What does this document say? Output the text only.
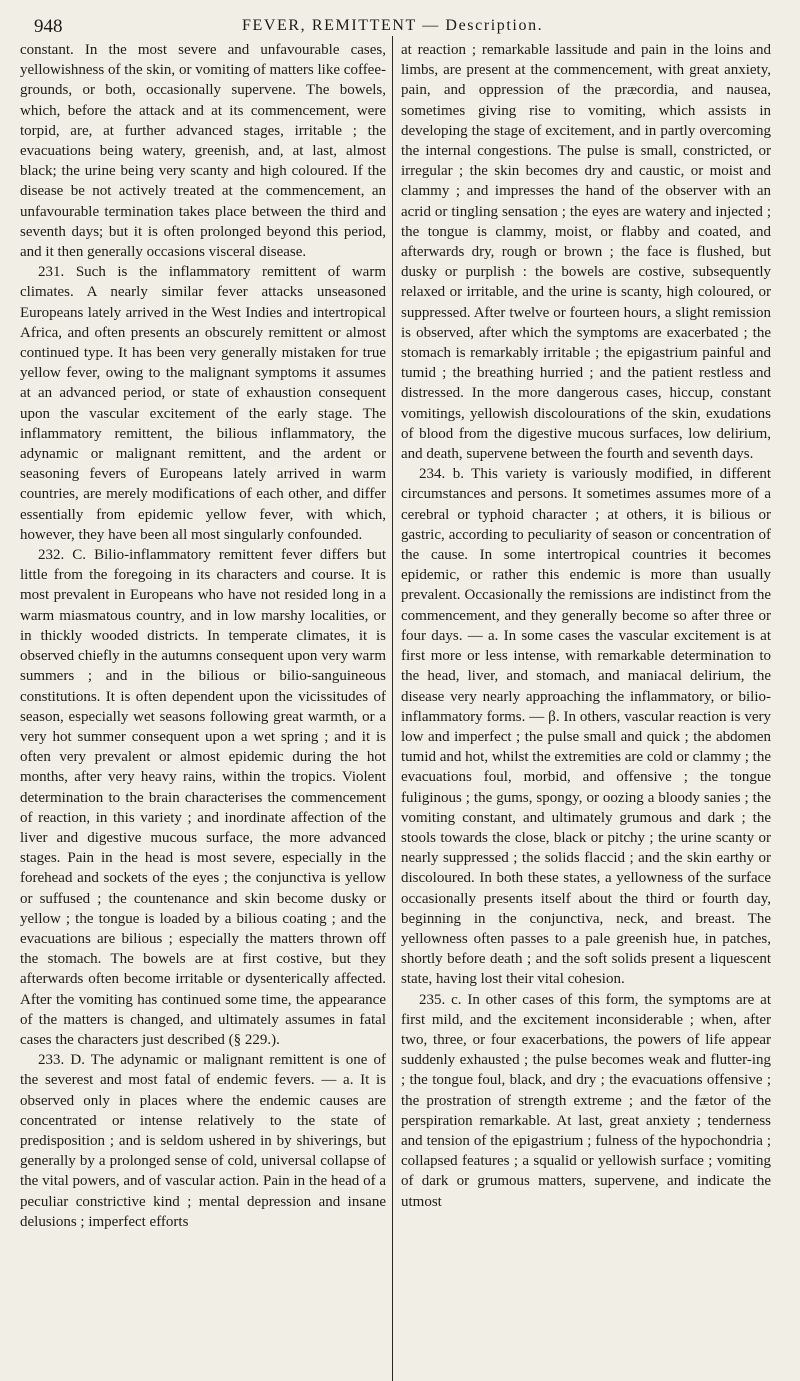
948	FEVER, REMITTENT — Description.

constant. In the most severe and unfavourable cases, yellowishness of the skin, or vomiting of matters like coffee-grounds, or both, occasionally supervene. The bowels, which, before the attack and at its commencement, were torpid, are, at further advanced stages, irritable ; the evacuations being watery, greenish, and, at last, almost black; the urine being very scanty and high coloured. If the disease be not actively treated at the commencement, an unfavourable termination takes place between the third and seventh days; but it is often prolonged beyond this period, and it then generally occasions visceral disease.

231. Such is the inflammatory remittent of warm climates. A nearly similar fever attacks unseasoned Europeans lately arrived in the West Indies and intertropical Africa, and often presents an obscurely remittent or almost continued type. It has been very generally mistaken for true yellow fever, owing to the malignant symptoms it assumes at an advanced period, or state of exhaustion consequent upon the vascular excitement of the early stage. The inflammatory remittent, the bilious inflammatory, the adynamic or malignant remittent, and the ardent or seasoning fevers of Europeans lately arrived in warm countries, are merely modifications of each other, and differ essentially from epidemic yellow fever, with which, however, they have been all most singularly confounded.

232. C. Bilio-inflammatory remittent fever differs but little from the foregoing in its characters and course. It is most prevalent in Europeans who have not resided long in a warm miasmatous country, and in low marshy localities, or in thickly wooded districts. In temperate climates, it is observed chiefly in the autumns consequent upon very warm summers ; and in the bilious or bilio-sanguineous constitutions. It is often dependent upon the vicissitudes of season, especially wet seasons following great warmth, or a very hot summer consequent upon a wet spring ; and it is often very prevalent or almost epidemic during the hot months, after very heavy rains, within the tropics. Violent determination to the brain characterises the commencement of reaction, in this variety ; and inordinate affection of the liver and digestive mucous surface, the more advanced stages. Pain in the head is most severe, especially in the forehead and sockets of the eyes ; the conjunctiva is yellow or suffused ; the countenance and skin become dusky or yellow ; the tongue is loaded by a bilious coating ; and the evacuations are bilious ; especially the matters thrown off the stomach. The bowels are at first costive, but they afterwards often become irritable or dysenterically affected. After the vomiting has continued some time, the appearance of the matters is changed, and ultimately assumes in fatal cases the characters just described (§ 229.).

233. D. The adynamic or malignant remittent is one of the severest and most fatal of endemic fevers. — a. It is observed only in places where the endemic causes are concentrated or intense relatively to the state of predisposition ; and is seldom ushered in by shiverings, but generally by a prolonged sense of cold, universal collapse of the vital powers, and of vascular action. Pain in the head of a peculiar constrictive kind ; mental depression and insane delusions ; imperfect efforts

at reaction ; remarkable lassitude and pain in the loins and limbs, are present at the commencement, with great anxiety, pain, and oppression of the præcordia, and nausea, sometimes giving rise to vomiting, which assists in developing the stage of excitement, and in partly overcoming the internal congestions. The pulse is small, constricted, or irregular ; the skin becomes dry and caustic, or moist and clammy ; and impresses the hand of the observer with an acrid or tingling sensation ; the eyes are watery and injected ; the tongue is clammy, moist, or flabby and coated, and afterwards dry, rough or brown ; the face is flushed, but dusky or purplish : the bowels are costive, subsequently relaxed or irritable, and the urine is scanty, high coloured, or suppressed. After twelve or fourteen hours, a slight remission is observed, after which the symptoms are exacerbated ; the stomach is remarkably irritable ; the epigastrium painful and tumid ; the breathing hurried ; and the patient restless and distressed. In the more dangerous cases, hiccup, constant vomitings, yellowish discolourations of the skin, exudations of blood from the digestive mucous surfaces, low delirium, and death, supervene between the fourth and seventh days.

234. b. This variety is variously modified, in different circumstances and persons. It sometimes assumes more of a cerebral or typhoid character ; at others, it is bilious or gastric, according to peculiarity of season or concentration of the cause. In some intertropical countries it becomes epidemic, or rather this endemic is more than usually prevalent. Occasionally the remissions are indistinct from the commencement, and they generally become so after three or four days. — a. In some cases the vascular excitement is at first more or less intense, with remarkable determination to the head, liver, and stomach, and maniacal delirium, the disease very nearly approaching the inflammatory, or bilio-inflammatory forms. — β. In others, vascular reaction is very low and imperfect ; the pulse small and quick ; the abdomen tumid and hot, whilst the extremities are cold or clammy ; the evacuations foul, morbid, and offensive ; the tongue fuliginous ; the gums, spongy, or oozing a bloody sanies ; the vomiting constant, and ultimately grumous and dark ; the stools towards the close, black or pitchy ; the urine scanty or nearly suppressed ; the solids flaccid ; and the skin earthy or discoloured. In both these states, a yellowness of the surface occasionally presents itself about the third or fourth day, beginning in the conjunctiva, neck, and breast. The yellowness often passes to a pale greenish hue, in patches, shortly before death ; and the soft solids present a liquescent state, having lost their vital cohesion.

235. c. In other cases of this form, the symptoms are at first mild, and the excitement inconsiderable ; when, after two, three, or four exacerbations, the powers of life appear suddenly exhausted ; the pulse becomes weak and flutter-ing ; the tongue foul, black, and dry ; the evacuations offensive ; the prostration of strength extreme ; and the fætor of the perspiration remarkable. At last, great anxiety ; tenderness and tension of the epigastrium ; fulness of the hypochondria ; collapsed features ; a squalid or yellowish surface ; vomiting of dark or grumous matters, supervene, and indicate the utmost
